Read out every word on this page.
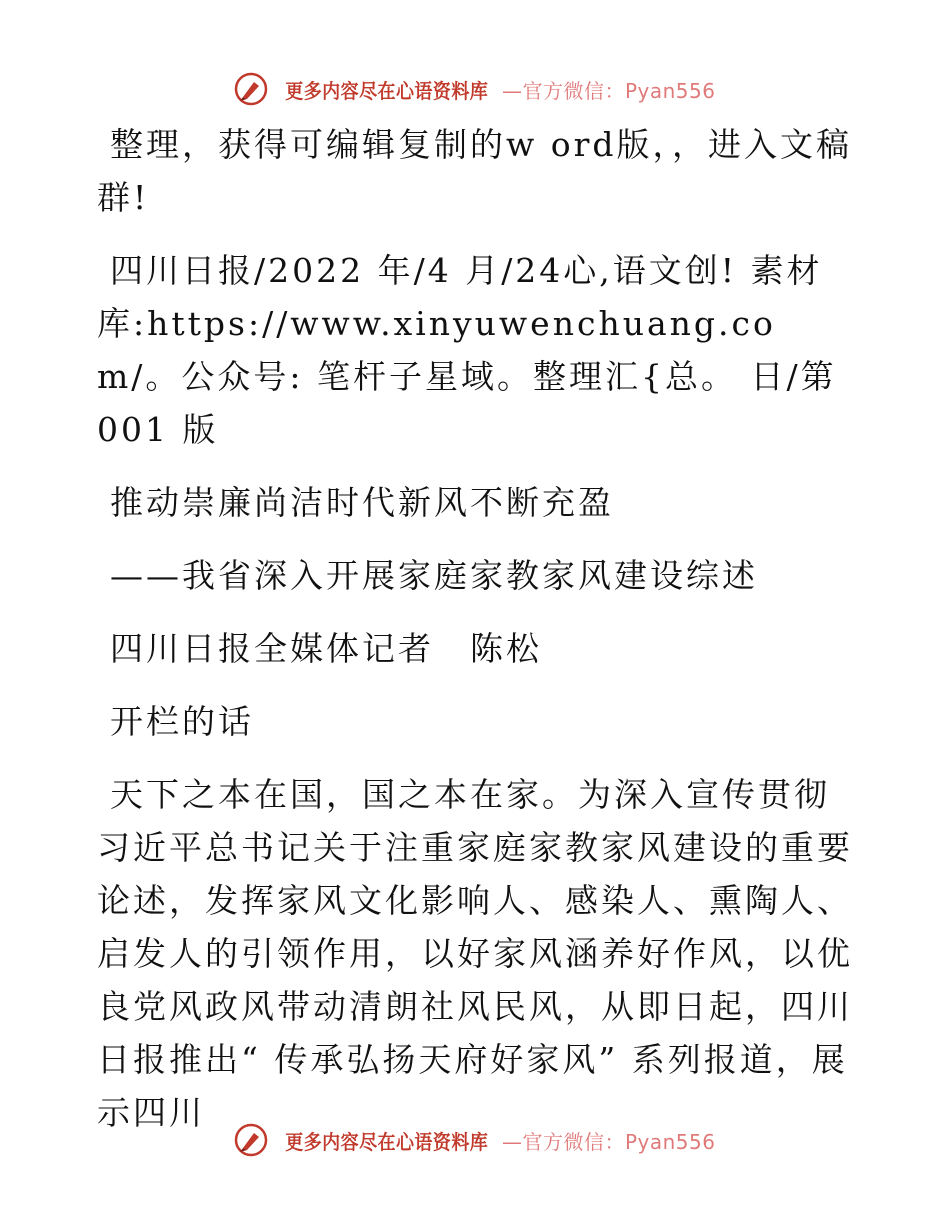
更多内容尽在心语资料库 —官方微信：Pyan556

整理，获得可编辑复制的w ord版，，进入文稿群!

四川日报/2022 年/4 月/24心,语文创! 素材库:https://www.xinyuwenchuang.com/。公众号: 笔杆子星域。整理汇{总。 日/第 001 版

推动崇廉尚洁时代新风不断充盈

——我省深入开展家庭家教家风建设综述

四川日报全媒体记者　陈松

开栏的话

天下之本在国，国之本在家。为深入宣传贯彻习近平总书记关于注重家庭家教家风建设的重要论述，发挥家风文化影响人、感染人、熏陶人、启发人的引领作用，以好家风涵养好作风，以优良党风政风带动清朗社风民风，从即日起，四川日报推出“ 传承弘扬天府好家风” 系列报道，展示四川

更多内容尽在心语资料库 —官方微信：Pyan556
